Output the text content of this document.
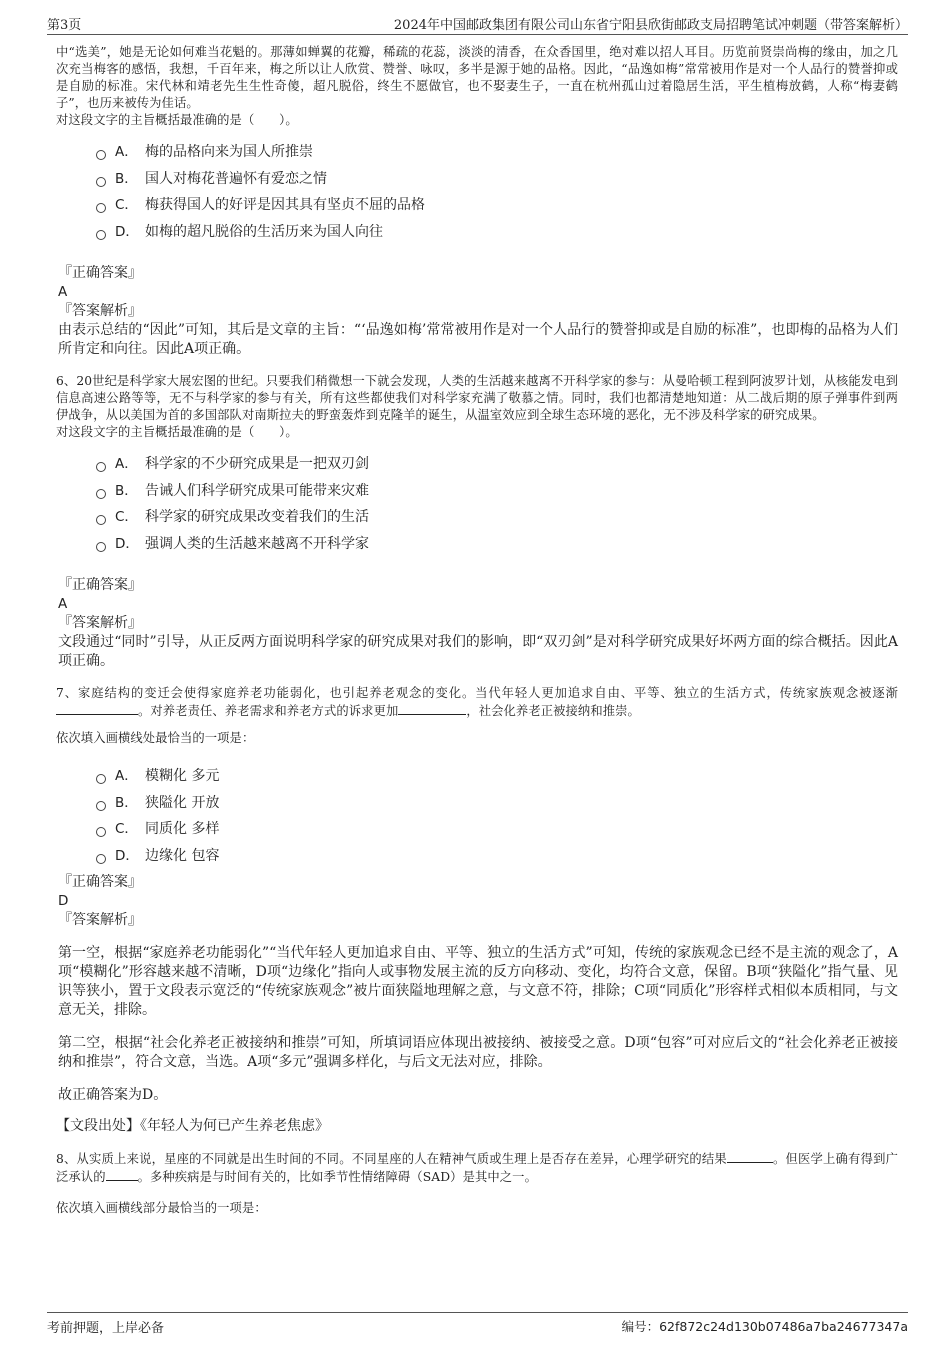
第3页	2024年中国邮政集团有限公司山东省宁阳县欣街邮政支局招聘笔试冲刺题（带答案解析）

中“选美”，她是无论如何难当花魁的。那薄如蝉翼的花瓣，稀疏的花蕊，淡淡的清香，在众香国里，绝对难以招人耳目。历览前贤崇尚梅的缘由，加之几次充当梅客的感悟，我想，千百年来，梅之所以让人欣赏、赞誉、咏叹，多半是源于她的品格。因此，“品逸如梅”常常被用作是对一个人品行的赞誉抑或是自励的标准。宋代林和靖老先生生性奇傻，超凡脱俗，终生不愿做官，也不娶妻生子，一直在杭州孤山过着隐居生活，平生植梅放鹤，人称“梅妻鹤子”，也历来被传为佳话。

对这段文字的主旨概括最准确的是（　　）。

A． 梅的品格向来为国人所推崇
B． 国人对梅花普遍怀有爱恋之情
C． 梅获得国人的好评是因其具有坚贞不屈的品格
D． 如梅的超凡脱俗的生活历来为国人向往
『正确答案』
A
『答案解析』

由表示总结的“因此”可知，其后是文章的主旨：“‘品逸如梅’常常被用作是对一个人品行的赞誉抑或是自励的标准”，也即梅的品格为人们所肯定和向往。因此A项正确。

6、20世纪是科学家大展宏图的世纪。只要我们稍微想一下就会发现，人类的生活越来越离不开科学家的参与：从曼哈顿工程到阿波罗计划，从核能发电到信息高速公路等等，无不与科学家的参与有关，所有这些都使我们对科学家充满了敬慕之情。同时，我们也都清楚地知道：从二战后期的原子弹事件到两伊战争，从以美国为首的多国部队对南斯拉夫的野蛮轰炸到克隆羊的诞生，从温室效应到全球生态环境的恶化，无不涉及科学家的研究成果。

对这段文字的主旨概括最准确的是（　　）。

A． 科学家的不少研究成果是一把双刃剑
B． 告诫人们科学研究成果可能带来灾难
C． 科学家的研究成果改变着我们的生活
D． 强调人类的生活越来越离不开科学家
『正确答案』
A
『答案解析』

文段通过“同时”引导，从正反两方面说明科学家的研究成果对我们的影响，即“双刃剑”是对科学研究成果好坏两方面的综合概括。因此A项正确。

7、家庭结构的变迁会使得家庭养老功能弱化，也引起养老观念的变化。当代年轻人更加追求自由、平等、独立的生活方式，传统家族观念被逐渐。对养老责任、养老需求和养老方式的诉求更加	，社会化养老正被接纳和推崇。

依次填入画横线处最恰当的一项是：

A． 模糊化 多元
B． 狭隘化 开放
C． 同质化 多样
D． 边缘化 包容
『正确答案』
D
『答案解析』

第一空，根据“家庭养老功能弱化”“当代年轻人更加追求自由、平等、独立的生活方式”可知，传统的家族观念已经不是主流的观念了，A项“模糊化”形容越来越不清晰，D项“边缘化”指向人或事物发展主流的反方向移动、变化，均符合文意，保留。B项“狭隘化”指气量、见识等狭小，置于文段表示宽泛的“传统家族观念”被片面狭隘地理解之意，与文意不符，排除；C项“同质化”形容样式相似本质相同，与文意无关，排除。

第二空，根据“社会化养老正被接纳和推崇”可知，所填词语应体现出被接纳、被接受之意。D项“包容”可对应后文的“社会化养老正被接纳和推崇”，符合文意，当选。A项“多元”强调多样化，与后文无法对应，排除。

故正确答案为D。

【文段出处】《年轻人为何已产生养老焦虑》

8、从实质上来说，星座的不同就是出生时间的不同。不同星座的人在精神气质或生理上是否存在差异，心理学研究的结果	。但医学上确有得到广泛承认的	。多种疾病是与时间有关的，比如季节性情绪障碍（SAD）是其中之一。

依次填入画横线部分最恰当的一项是：

考前押题，上岸必备	编号：62f872c24d130b07486a7ba24677347a
